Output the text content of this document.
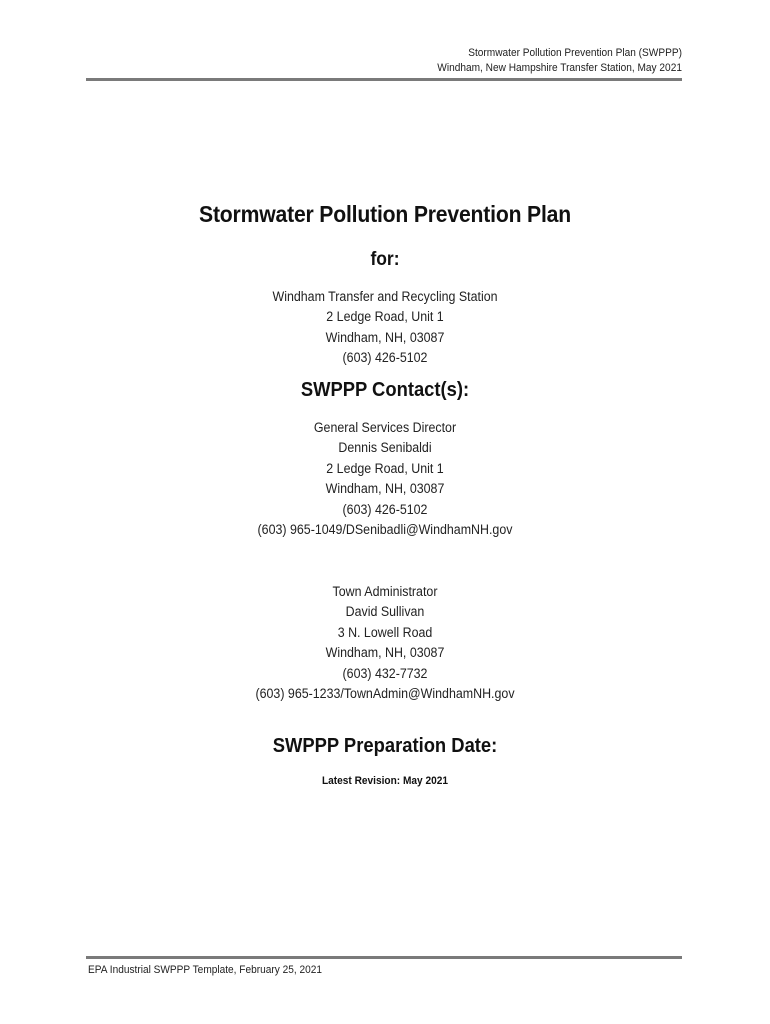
Stormwater Pollution Prevention Plan (SWPPP)
Windham, New Hampshire Transfer Station, May 2021
Stormwater Pollution Prevention Plan
for:
Windham Transfer and Recycling Station
2 Ledge Road, Unit 1
Windham, NH, 03087
(603) 426-5102
SWPPP Contact(s):
General Services Director
Dennis Senibaldi
2 Ledge Road, Unit 1
Windham, NH, 03087
(603) 426-5102
(603) 965-1049/DSenibadli@WindhamNH.gov
Town Administrator
David Sullivan
3 N. Lowell Road
Windham, NH, 03087
(603) 432-7732
(603) 965-1233/TownAdmin@WindhamNH.gov
SWPPP Preparation Date:
Latest Revision: May 2021
EPA Industrial SWPPP Template, February 25, 2021
